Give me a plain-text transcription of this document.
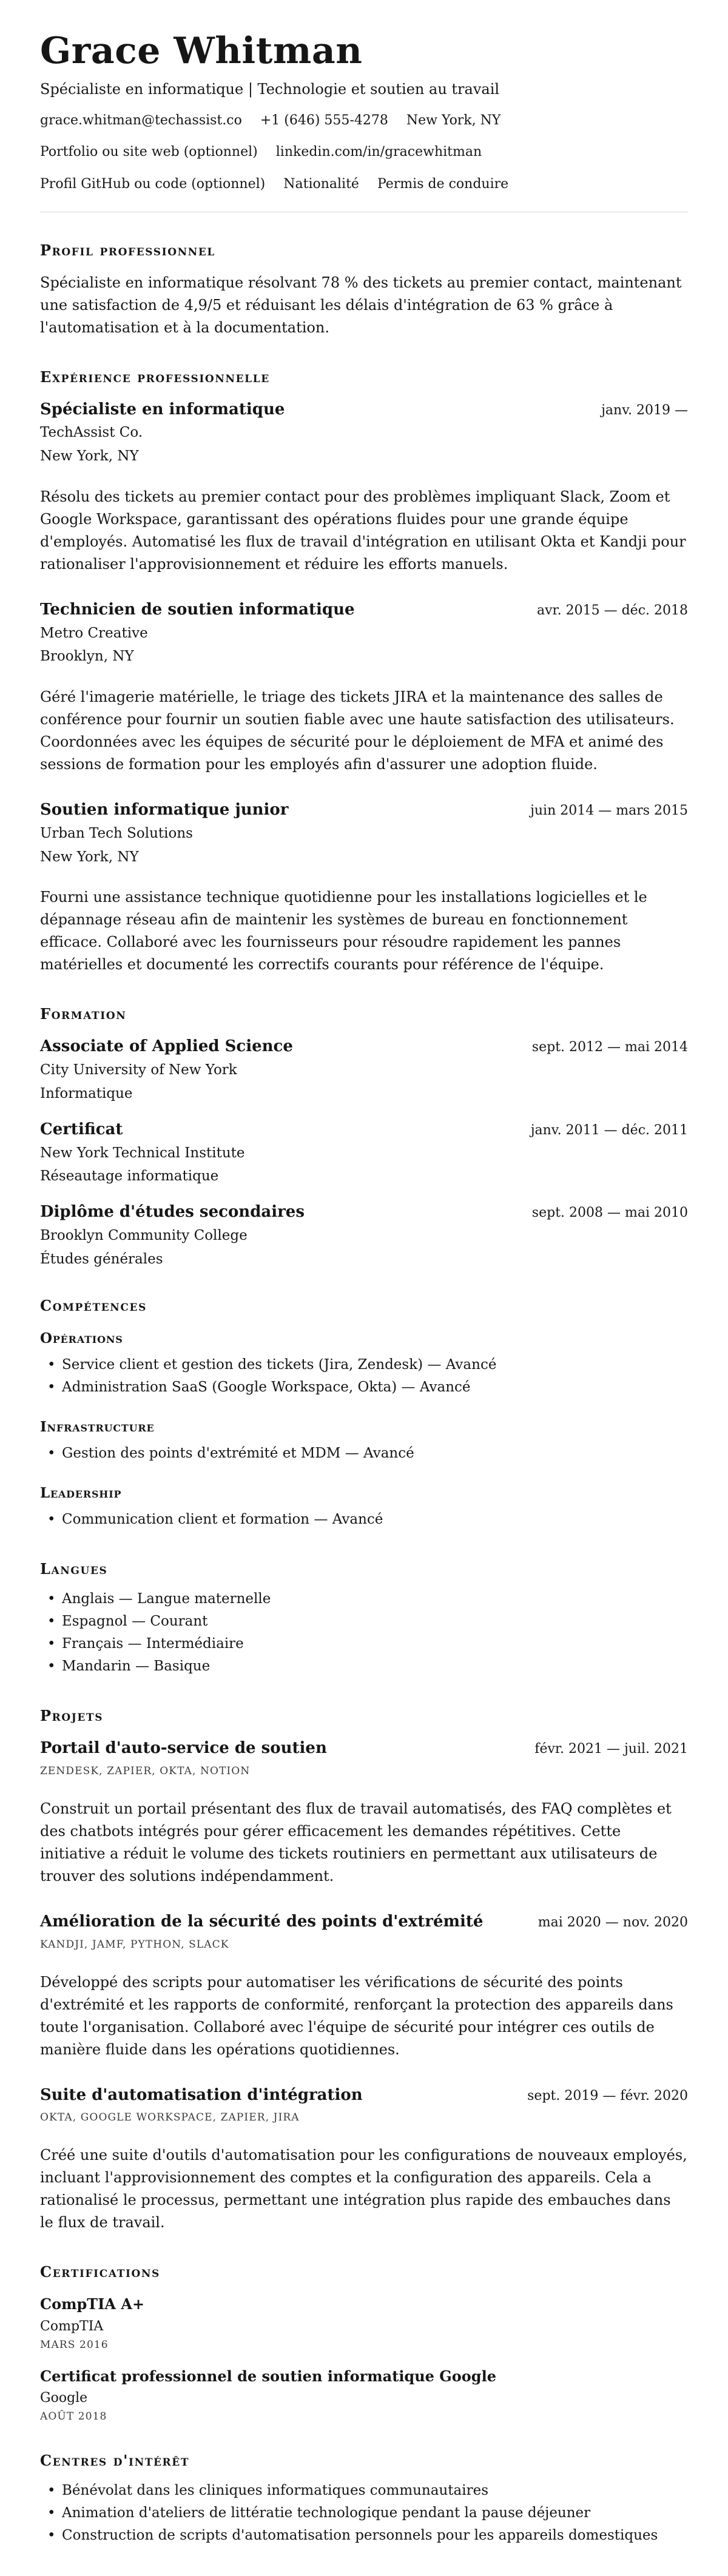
Grace Whitman
Spécialiste en informatique | Technologie et soutien au travail
grace.whitman@techassist.co +1 (646) 555-4278 New York, NY
Portfolio ou site web (optionnel) linkedin.com/in/gracewhitman
Profil GitHub ou code (optionnel) Nationalité Permis de conduire
Profil professionnel

Spécialiste en informatique résolvant 78 % des tickets au premier contact, maintenant une satisfaction de 4,9/5 et réduisant les délais d'intégration de 63 % grâce à l'automatisation et à la documentation.

Expérience professionnelle
Spécialiste en informatique	janv. 2019 —
TechAssist Co.
New York, NY

Résolu des tickets au premier contact pour des problèmes impliquant Slack, Zoom et Google Workspace, garantissant des opérations fluides pour une grande équipe d'employés. Automatisé les flux de travail d'intégration en utilisant Okta et Kandji pour rationaliser l'approvisionnement et réduire les efforts manuels.

Technicien de soutien informatique	avr. 2015 — déc. 2018
Metro Creative
Brooklyn, NY

Géré l'imagerie matérielle, le triage des tickets JIRA et la maintenance des salles de conférence pour fournir un soutien fiable avec une haute satisfaction des utilisateurs. Coordonnées avec les équipes de sécurité pour le déploiement de MFA et animé des sessions de formation pour les employés afin d'assurer une adoption fluide.

Soutien informatique junior	juin 2014 — mars 2015
Urban Tech Solutions
New York, NY

Fourni une assistance technique quotidienne pour les installations logicielles et le dépannage réseau afin de maintenir les systèmes de bureau en fonctionnement efficace. Collaboré avec les fournisseurs pour résoudre rapidement les pannes matérielles et documenté les correctifs courants pour référence de l'équipe.

Formation
Associate of Applied Science	sept. 2012 — mai 2014
City University of New York
Informatique
Certificat	janv. 2011 — déc. 2011
New York Technical Institute
Réseautage informatique
Diplôme d'études secondaires	sept. 2008 — mai 2010
Brooklyn Community College
Études générales
Compétences
Opérations
• Service client et gestion des tickets (Jira, Zendesk) — Avancé
• Administration SaaS (Google Workspace, Okta) — Avancé
Infrastructure
• Gestion des points d'extrémité et MDM — Avancé
Leadership
• Communication client et formation — Avancé
Langues
• Anglais — Langue maternelle
• Espagnol — Courant
• Français — Intermédiaire
• Mandarin — Basique
Projets
Portail d'auto-service de soutien	févr. 2021 — juil. 2021
ZENDESK, ZAPIER, OKTA, NOTION

Construit un portail présentant des flux de travail automatisés, des FAQ complètes et des chatbots intégrés pour gérer efficacement les demandes répétitives. Cette initiative a réduit le volume des tickets routiniers en permettant aux utilisateurs de trouver des solutions indépendamment.

Amélioration de la sécurité des points d'extrémité	mai 2020 — nov. 2020
KANDJI, JAMF, PYTHON, SLACK

Développé des scripts pour automatiser les vérifications de sécurité des points d'extrémité et les rapports de conformité, renforçant la protection des appareils dans toute l'organisation. Collaboré avec l'équipe de sécurité pour intégrer ces outils de manière fluide dans les opérations quotidiennes.

Suite d'automatisation d'intégration	sept. 2019 — févr. 2020
OKTA, GOOGLE WORKSPACE, ZAPIER, JIRA

Créé une suite d'outils d'automatisation pour les configurations de nouveaux employés, incluant l'approvisionnement des comptes et la configuration des appareils. Cela a rationalisé le processus, permettant une intégration plus rapide des embauches dans le flux de travail.

Certifications
CompTIA A+
CompTIA
MARS 2016
Certificat professionnel de soutien informatique Google
Google
AOÛT 2018
Centres d'intérêt
• Bénévolat dans les cliniques informatiques communautaires
• Animation d'ateliers de littératie technologique pendant la pause déjeuner
• Construction de scripts d'automatisation personnels pour les appareils domestiques
